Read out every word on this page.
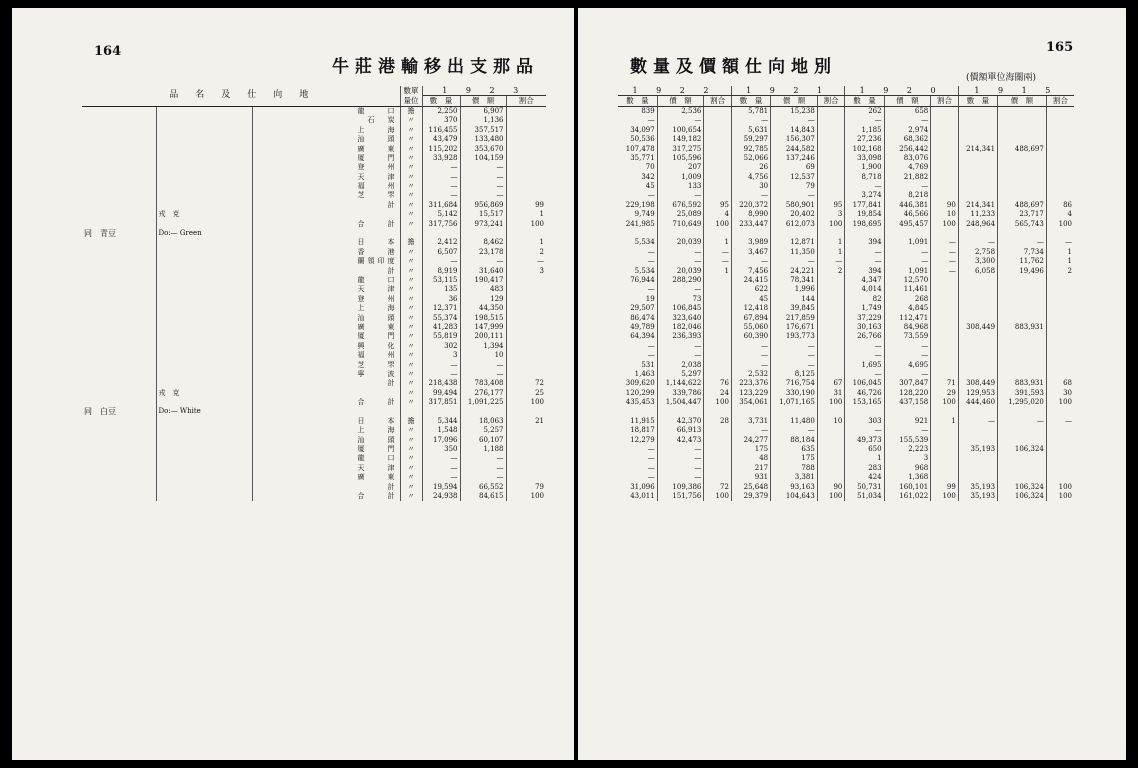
164
牛莊港輸移出支那品
品　名　及　仕　向　地			數單	1 9 2 3		
			量位	數　量	價　額	割合
		龍　　口	擔	2,250	6,907	
		石　炭　	〃	370	1,136	
		上　　海	〃	116,455	357,517	
		汕　　頭	〃	43,479	133,480	
		廣　　東	〃	115,202	353,670	
		厦　　門	〃	33,928	104,159	
		登　　州	〃	—	—	
		天　　津	〃	—	—	
		福　　州	〃	—	—	
		芝　　罘	〃	—	—	
		計	〃	311,684	956,869	99
	戎　克		〃	5,142	15,517	1
		合　　計	〃	317,756	973,241	100
同　青豆	Do:— Green					
		日　　本	擔	2,412	8,462	1
		香　　港	〃	6,507	23,178	2
		蘭領印度	〃	—	—	—
		計	〃	8,919	31,640	3
		龍　　口	〃	53,115	190,417	
		天　　津	〃	135	483	
		登　　州	〃	36	129	
		上　　海	〃	12,371	44,350	
		汕　　頭	〃	55,374	198,515	
		廣　　東	〃	41,283	147,999	
		厦　　門	〃	55,819	200,111	
		興　　化	〃	302	1,394	
		福　　州	〃	3	10	
		芝　　罘	〃	—	—	
		寧　　波	〃	—	—	
		計	〃	218,438	783,408	72
	戎　克		〃	99,494	276,177	25
		合　　計	〃	317,851	1,091,225	100
同　白豆	Do:— White					
		日　　本	擔	5,344	18,063	21
		上　　海	〃	1,548	5,257	
		汕　　頭	〃	17,096	60,107	
		厦　　門	〃	350	1,188	
		龍　　口	〃	—	—	
		天　　津	〃	—	—	
		廣　　東	〃	—	—	
		計	〃	19,594	66,552	79
		合　　計	〃	24,938	84,615	100
數量及價額仕向地別
165
(價額單位海關兩)
1 9 2 2			1 9 2 1			1 9 2 0			1 9 1 5		
數　量	價　額	割合	數　量	價　額	割合	數　量	價　額	割合	數　量	價　額	割合
839	2,536		5,781	15,238		262	658				
—	—		—	—		—	—				
34,097	100,654		5,631	14,843		1,185	2,974				
50,536	149,182		59,297	156,307		27,236	68,362				
107,478	317,275		92,785	244,582		102,168	256,442		214,341	488,697	
35,771	105,596		52,066	137,246		33,098	83,076				
70	207		26	69		1,900	4,769				
342	1,009		4,756	12,537		8,718	21,882				
45	133		30	79		—	—				
—	—		—	—		3,274	8,218				
229,198	676,592	95	220,372	580,901	95	177,841	446,381	90	214,341	488,697	86
9,749	25,089	4	8,990	20,402	3	19,854	46,566	10	11,233	23,717	4
241,985	710,649	100	233,447	612,073	100	198,695	495,457	100	248,964	565,743	100

5,534	20,039	1	3,989	12,871	1	394	1,091	—	—	—	—
—	—	—	3,467	11,350	1	—	—	—	2,758	7,734	1
—	—	—	—	—	—	—	—	—	3,300	11,762	1
5,534	20,039	1	7,456	24,221	2	394	1,091	—	6,058	19,496	2
76,944	288,290		24,415	78,341		4,347	12,570				
—	—		622	1,996		4,014	11,461				
19	73		45	144		82	268				
29,507	106,845		12,418	39,845		1,749	4,845				
86,474	323,640		67,894	217,859		37,229	112,471				
49,789	182,046		55,060	176,671		30,163	84,968		308,449	883,931	
64,394	236,393		60,390	193,773		26,766	73,559				
—	—		—	—		—	—				
—	—		—	—		—	—				
531	2,038		—	—		1,695	4,695				
1,463	5,297		2,532	8,125		—	—				
309,620	1,144,622	76	223,376	716,754	67	106,045	307,847	71	308,449	883,931	68
120,299	339,786	24	123,229	330,190	31	46,726	128,220	29	129,953	391,593	30
435,453	1,504,447	100	354,061	1,071,165	100	153,165	437,158	100	444,460	1,295,020	100

11,915	42,370	28	3,731	11,480	10	303	921	1	—	—	—
18,817	66,913		—	—		—	—				
12,279	42,473		24,277	88,184		49,373	155,539				
—	—		175	635		650	2,223		35,193	106,324	
—	—		48	175		1	3				
—	—		217	788		283	968				
—	—		931	3,381		424	1,368				
31,096	109,386	72	25,648	93,163	90	50,731	160,101	99	35,193	106,324	100
43,011	151,756	100	29,379	104,643	100	51,034	161,022	100	35,193	106,324	100
